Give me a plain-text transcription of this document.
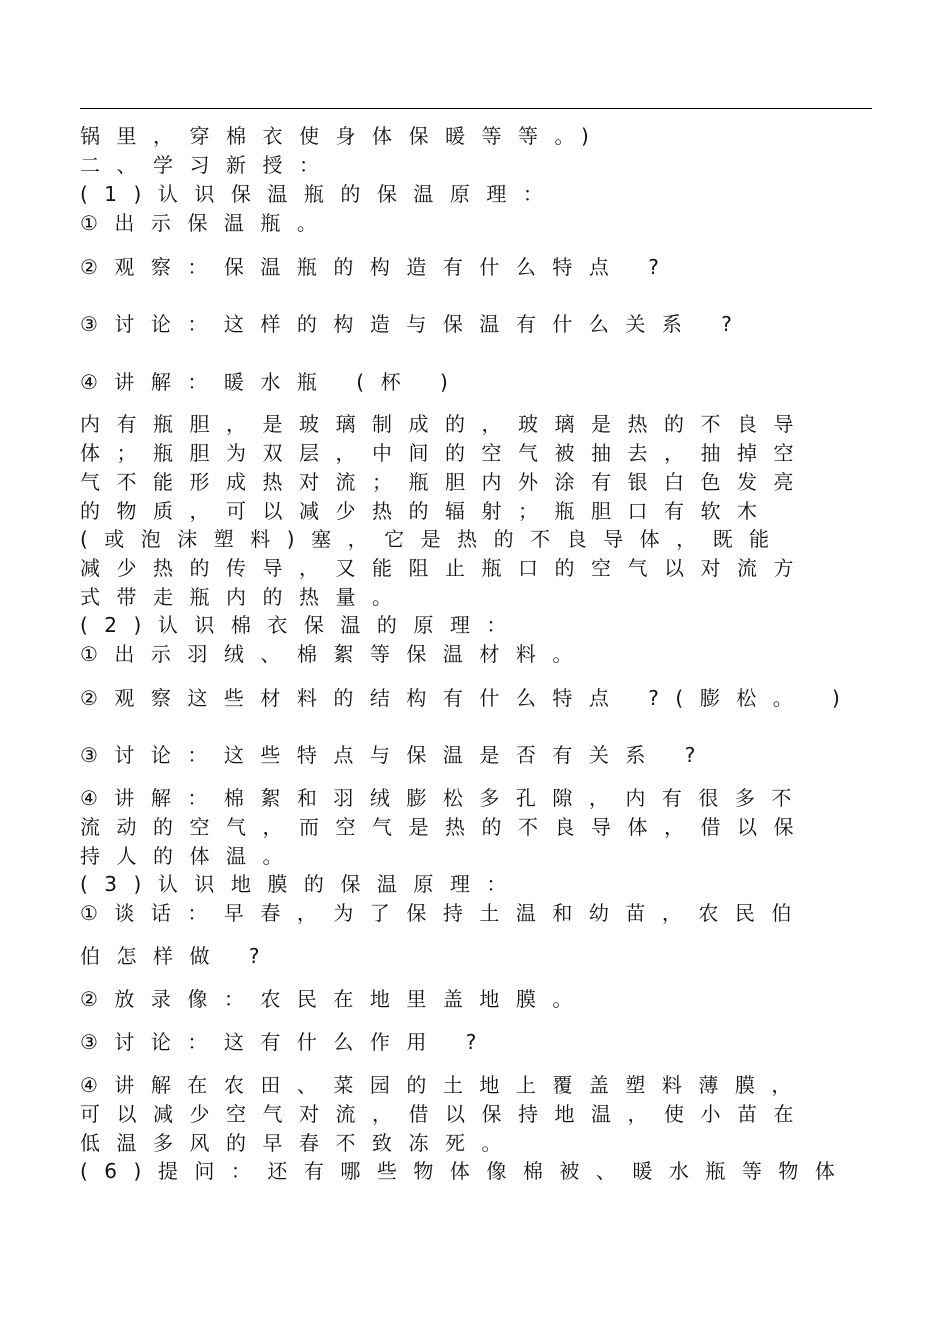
锅里，穿棉衣使身体保暖等等。)
二、学习新授：
(1)认识保温瓶的保温原理：
①出示保温瓶。
②观察：保温瓶的构造有什么特点 ?
③讨论：这样的构造与保温有什么关系 ?
④讲解：暖水瓶 (杯 )
内有瓶胆，是玻璃制成的，玻璃是热的不良导
体；瓶胆为双层，中间的空气被抽去，抽掉空
气不能形成热对流；瓶胆内外涂有银白色发亮
的物质，可以减少热的辐射；瓶胆口有软木
(或泡沫塑料)塞，它是热的不良导体，既能
减少热的传导，又能阻止瓶口的空气以对流方
式带走瓶内的热量。
(2)认识棉衣保温的原理：
①出示羽绒、棉絮等保温材料。
②观察这些材料的结构有什么特点 ?(膨松。 )
③讨论：这些特点与保温是否有关系 ?
④讲解：棉絮和羽绒膨松多孔隙，内有很多不
流动的空气，而空气是热的不良导体，借以保
持人的体温。
(3)认识地膜的保温原理：
①谈话：早春，为了保持土温和幼苗，农民伯
伯怎样做 ?
②放录像：农民在地里盖地膜。
③讨论：这有什么作用 ?
④讲解在农田、菜园的土地上覆盖塑料薄膜，
可以减少空气对流，借以保持地温，使小苗在
低温多风的早春不致冻死。
(6)提问：还有哪些物体像棉被、暖水瓶等物体
